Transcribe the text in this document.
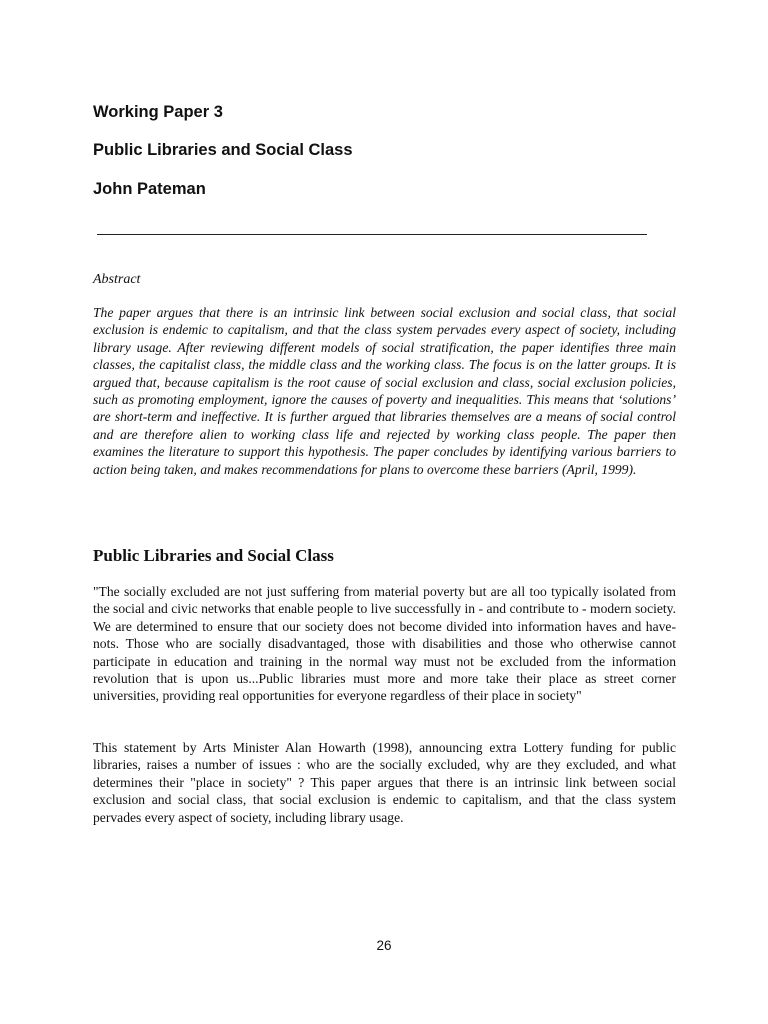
Working Paper 3
Public Libraries and Social Class
John Pateman

Abstract

The paper argues that there is an intrinsic link between social exclusion and social class, that social exclusion is endemic to capitalism, and that the class system pervades every aspect of society, including library usage. After reviewing different models of social stratification, the paper identifies three main classes, the capitalist class, the middle class and the working class. The focus is on the latter groups. It is argued that, because capitalism is the root cause of social exclusion and class, social exclusion policies, such as promoting employment, ignore the causes of poverty and inequalities. This means that ‘solutions’ are short-term and ineffective. It is further argued that libraries themselves are a means of social control and are therefore alien to working class life and rejected by working class people. The paper then examines the literature to support this hypothesis. The paper concludes by identifying various barriers to action being taken, and makes recommendations for plans to overcome these barriers (April, 1999).

Public Libraries and Social Class

"The socially excluded are not just suffering from material poverty but are all too typically isolated from the social and civic networks that enable people to live successfully in - and contribute to - modern society. We are determined to ensure that our society does not become divided into information haves and have-nots. Those who are socially disadvantaged, those with disabilities and those who otherwise cannot participate in education and training in the normal way must not be excluded from the information revolution that is upon us...Public libraries must more and more take their place as street corner universities, providing real opportunities for everyone regardless of their place in society"

This statement by Arts Minister Alan Howarth (1998), announcing extra Lottery funding for public libraries, raises a number of issues : who are the socially excluded, why are they excluded, and what determines their "place in society" ? This paper argues that there is an intrinsic link between social exclusion and social class, that social exclusion is endemic to capitalism, and that the class system pervades every aspect of society, including library usage.

26
